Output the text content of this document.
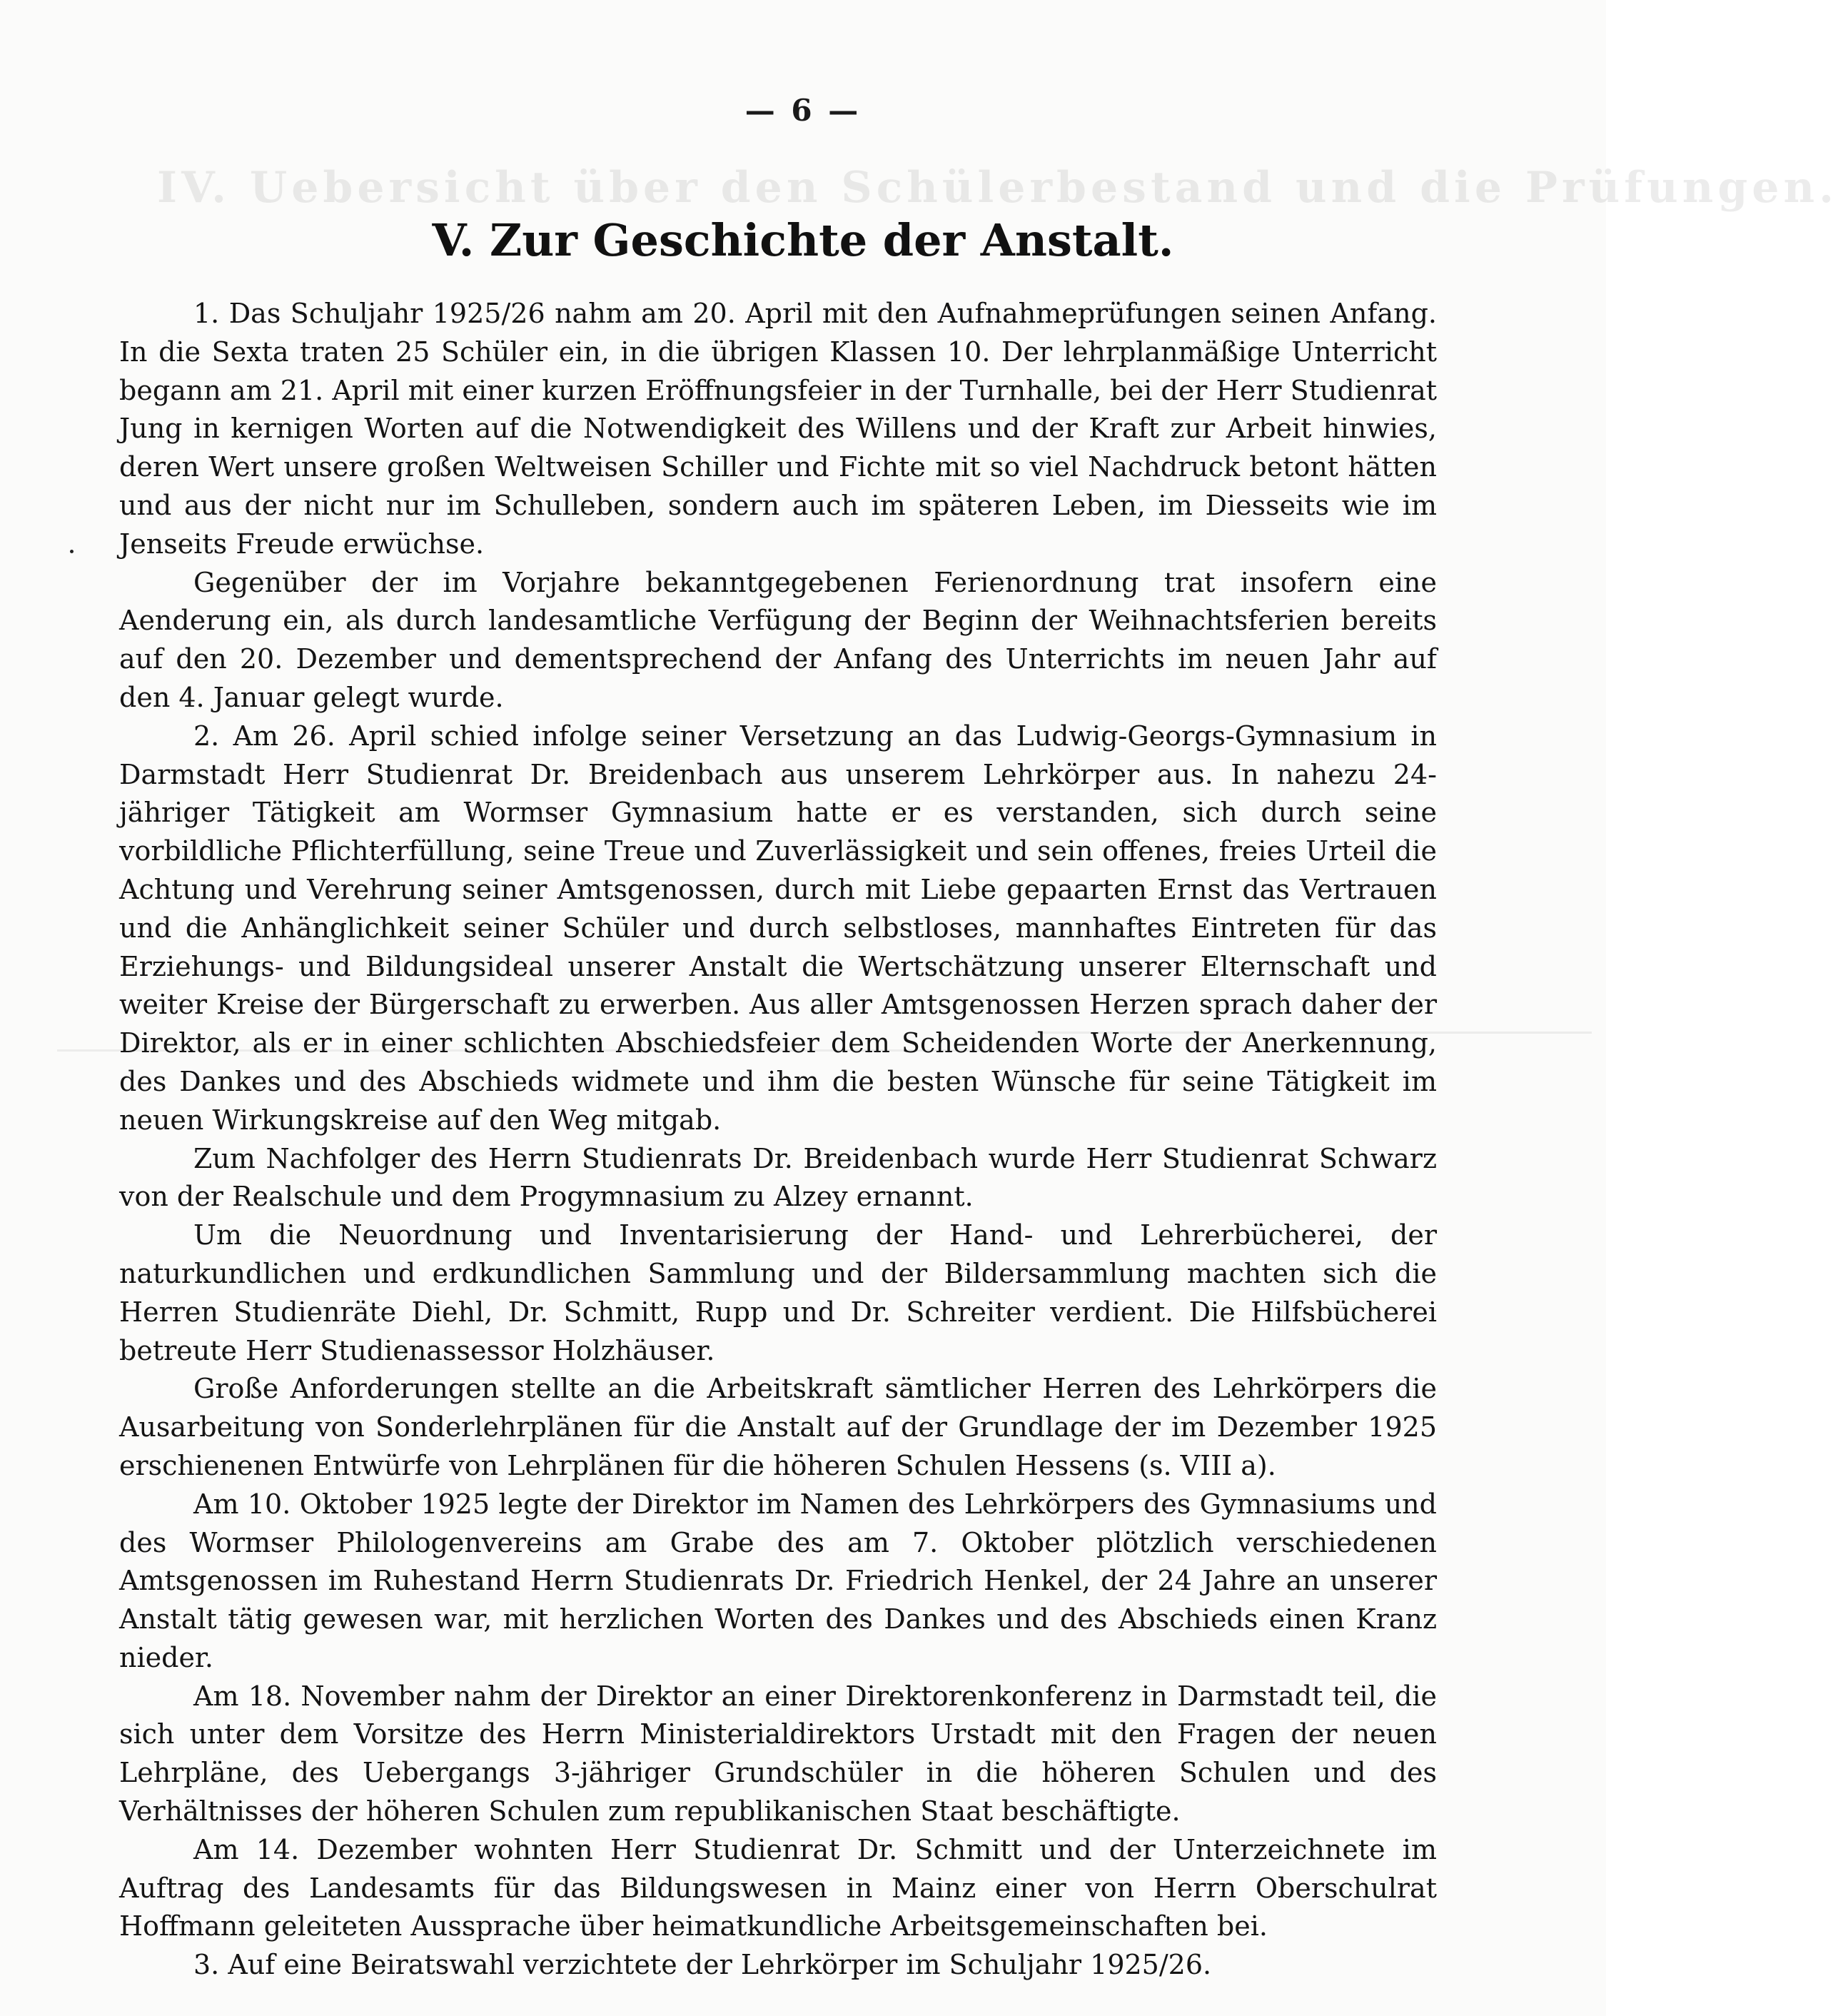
IV. Uebersicht über den Schülerbestand und die Prüfungen.
— 6 —
V. Zur Geschichte der Anstalt.

1. Das Schuljahr 1925/26 nahm am 20. April mit den Aufnahmeprüfungen seinen Anfang. In die Sexta traten 25 Schüler ein, in die übrigen Klassen 10. Der lehrplanmäßige Unterricht begann am 21. April mit einer kurzen Eröffnungsfeier in der Turnhalle, bei der Herr Studienrat Jung in kernigen Worten auf die Notwendigkeit des Willens und der Kraft zur Arbeit hinwies, deren Wert unsere großen Weltweisen Schiller und Fichte mit so viel Nachdruck betont hätten und aus der nicht nur im Schulleben, sondern auch im späteren Leben, im Diesseits wie im Jenseits Freude erwüchse.

Gegenüber der im Vorjahre bekanntgegebenen Ferienordnung trat insofern eine Aenderung ein, als durch landesamtliche Verfügung der Beginn der Weihnachtsferien bereits auf den 20. Dezember und dementsprechend der Anfang des Unterrichts im neuen Jahr auf den 4. Januar gelegt wurde.

2. Am 26. April schied infolge seiner Versetzung an das Ludwig-Georgs-Gymnasium in Darmstadt Herr Studienrat Dr. Breidenbach aus unserem Lehrkörper aus. In nahezu 24-jähriger Tätigkeit am Wormser Gymnasium hatte er es verstanden, sich durch seine vorbildliche Pflichterfüllung, seine Treue und Zuverlässigkeit und sein offenes, freies Urteil die Achtung und Verehrung seiner Amtsgenossen, durch mit Liebe gepaarten Ernst das Vertrauen und die Anhänglichkeit seiner Schüler und durch selbstloses, mannhaftes Eintreten für das Erziehungs- und Bildungsideal unserer Anstalt die Wertschätzung unserer Elternschaft und weiter Kreise der Bürgerschaft zu erwerben. Aus aller Amtsgenossen Herzen sprach daher der Direktor, als er in einer schlichten Abschiedsfeier dem Scheidenden Worte der Anerkennung, des Dankes und des Abschieds widmete und ihm die besten Wünsche für seine Tätigkeit im neuen Wirkungskreise auf den Weg mitgab.

Zum Nachfolger des Herrn Studienrats Dr. Breidenbach wurde Herr Studienrat Schwarz von der Realschule und dem Progymnasium zu Alzey ernannt.

Um die Neuordnung und Inventarisierung der Hand- und Lehrerbücherei, der naturkundlichen und erdkundlichen Sammlung und der Bildersammlung machten sich die Herren Studienräte Diehl, Dr. Schmitt, Rupp und Dr. Schreiter verdient. Die Hilfsbücherei betreute Herr Studienassessor Holzhäuser.

Große Anforderungen stellte an die Arbeitskraft sämtlicher Herren des Lehrkörpers die Ausarbeitung von Sonderlehrplänen für die Anstalt auf der Grundlage der im Dezember 1925 erschienenen Entwürfe von Lehrplänen für die höheren Schulen Hessens (s. VIII a).

Am 10. Oktober 1925 legte der Direktor im Namen des Lehrkörpers des Gymnasiums und des Wormser Philologenvereins am Grabe des am 7. Oktober plötzlich verschiedenen Amtsgenossen im Ruhestand Herrn Studienrats Dr. Friedrich Henkel, der 24 Jahre an unserer Anstalt tätig gewesen war, mit herzlichen Worten des Dankes und des Abschieds einen Kranz nieder.

Am 18. November nahm der Direktor an einer Direktorenkonferenz in Darmstadt teil, die sich unter dem Vorsitze des Herrn Ministerialdirektors Urstadt mit den Fragen der neuen Lehrpläne, des Uebergangs 3-jähriger Grundschüler in die höheren Schulen und des Verhältnisses der höheren Schulen zum republikanischen Staat beschäftigte.

Am 14. Dezember wohnten Herr Studienrat Dr. Schmitt und der Unterzeichnete im Auftrag des Landesamts für das Bildungswesen in Mainz einer von Herrn Oberschulrat Hoffmann geleiteten Aussprache über heimatkundliche Arbeitsgemeinschaften bei.

3. Auf eine Beiratswahl verzichtete der Lehrkörper im Schuljahr 1925/26.
